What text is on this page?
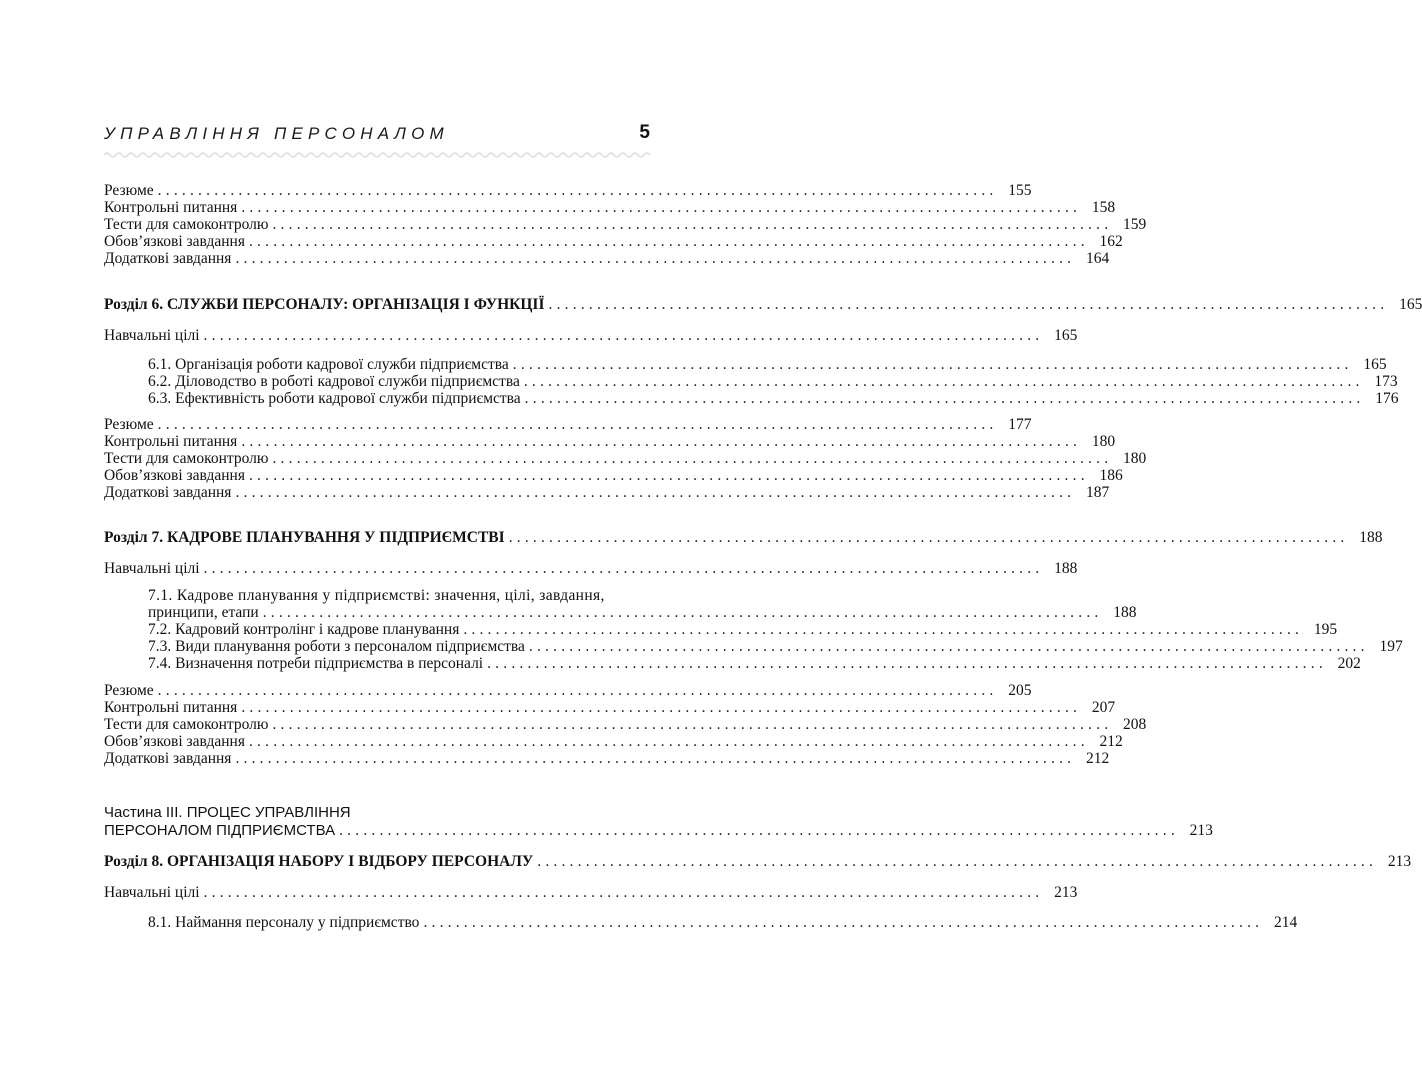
УПРАВЛІННЯ ПЕРСОНАЛОМ	5
Резюме ........................................................................................................ 155
Контрольні питання ........................................................................................................ 158
Тести для самоконтролю ........................................................................................................ 159
Обов’язкові завдання ........................................................................................................ 162
Додаткові завдання ........................................................................................................ 164
Розділ 6. СЛУЖБИ ПЕРСОНАЛУ: ОРГАНІЗАЦІЯ І ФУНКЦІЇ ........................................................................................................ 165
Навчальні цілі ........................................................................................................ 165
6.1. Організація роботи кадрової служби підприємства ........................................................................................................ 165
6.2. Діловодство в роботі кадрової служби підприємства ........................................................................................................ 173
6.3. Ефективність роботи кадрової служби підприємства ........................................................................................................ 176
Резюме ........................................................................................................ 177
Контрольні питання ........................................................................................................ 180
Тести для самоконтролю ........................................................................................................ 180
Обов’язкові завдання ........................................................................................................ 186
Додаткові завдання ........................................................................................................ 187
Розділ 7. КАДРОВЕ ПЛАНУВАННЯ У ПІДПРИЄМСТВІ ........................................................................................................ 188
Навчальні цілі ........................................................................................................ 188
7.1. Кадрове планування у підприємстві: значення, цілі, завдання,
принципи, етапи ........................................................................................................ 188
7.2. Кадровий контролінг і кадрове планування ........................................................................................................ 195
7.3. Види планування роботи з персоналом підприємства ........................................................................................................ 197
7.4. Визначення потреби підприємства в персоналі ........................................................................................................ 202
Резюме ........................................................................................................ 205
Контрольні питання ........................................................................................................ 207
Тести для самоконтролю ........................................................................................................ 208
Обов’язкові завдання ........................................................................................................ 212
Додаткові завдання ........................................................................................................ 212
Частина III. ПРОЦЕС УПРАВЛІННЯ
ПЕРСОНАЛОМ ПІДПРИЄМСТВА ........................................................................................................ 213
Розділ 8. ОРГАНІЗАЦІЯ НАБОРУ І ВІДБОРУ ПЕРСОНАЛУ ........................................................................................................ 213
Навчальні цілі ........................................................................................................ 213
8.1. Наймання персоналу у підприємство ........................................................................................................ 214
